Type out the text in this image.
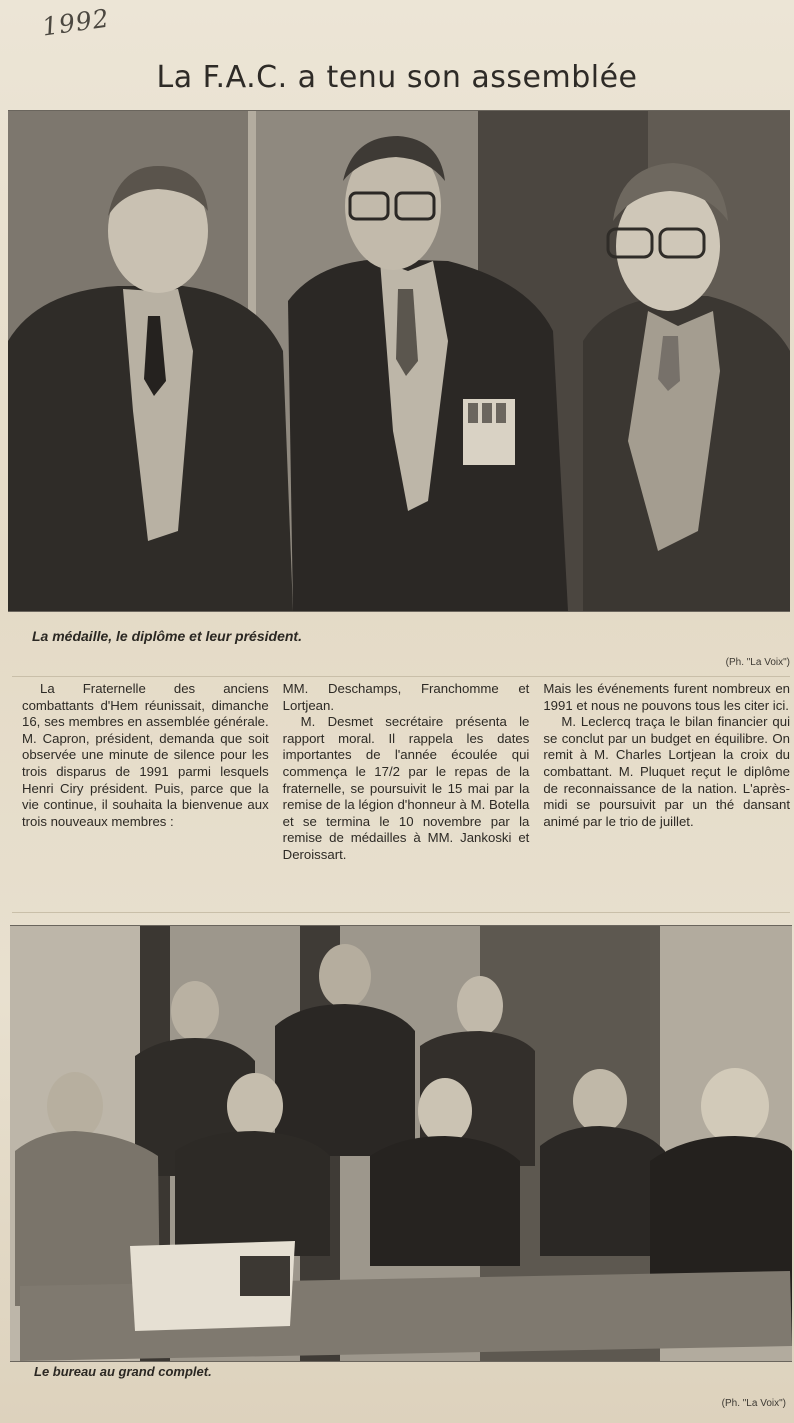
1992
La F.A.C. a tenu son assemblée
La médaille, le diplôme et leur président.
(Ph. "La Voix")

La Fraternelle des anciens combattants d'Hem réunissait, dimanche 16, ses membres en assemblée générale. M. Capron, président, demanda que soit observée une minute de silence pour les trois disparus de 1991 parmi lesquels Henri Ciry président. Puis, parce que la vie continue, il souhaita la bienvenue aux trois nouveaux membres :

MM. Deschamps, Franchomme et Lortjean.

M. Desmet secrétaire présenta le rapport moral. Il rappela les dates importantes de l'année écoulée qui commença le 17/2 par le repas de la fraternelle, se poursuivit le 15 mai par la remise de la légion d'honneur à M. Botella et se termina le 10 novembre par la remise de médailles à MM. Jankoski et Deroissart.

Mais les événements furent nombreux en 1991 et nous ne pouvons tous les citer ici.

M. Leclercq traça le bilan financier qui se conclut par un budget en équilibre. On remit à M. Charles Lortjean la croix du combattant. M. Pluquet reçut le diplôme de reconnaissance de la nation. L'après-midi se poursuivit par un thé dansant animé par le trio de juillet.

Le bureau au grand complet.
(Ph. "La Voix")
